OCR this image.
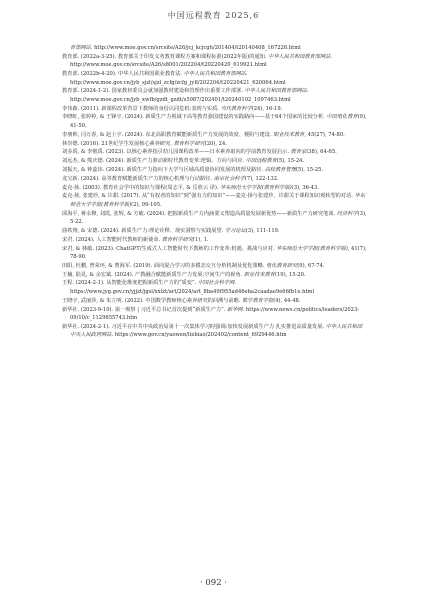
中国远程教育 2025,6

育部网站. http://www.moe.gov.cn/srcsite/A26/jcj_kcjcgh/201404/t20140408_167226.html

教育部. (2022a-3-25). 教育部关于印发义务教育课程方案和课程标准(2022年版)的通知. 中华人民共和国教育部网站. http://www.moe.gov.cn/srcsite/A26/s8001/202204/t20220420_619921.html

教育部. (2022b-4-20). 中华人民共和国职业教育法. 中华人民共和国教育部网站. http://www.moe.gov.cn/jyb_sjzl/sjzl_zcfg/zcfg_jyfl/202204/t20220421_620064.html

教育部. (2024-1-2). 国家教材委员会就加强教材建设和管理作出重要工作部署. 中华人民共和国教育部网站. http://www.moe.gov.cn/jyb_xwfb/gzdt_gzdt/s5987/202401/t20240102_1097463.html

李伟森. (2011). 新课程改革背景下教师的身份认同危机:表现与实质. 当代教育科学(24), 16-19.

李晓虹, 张婷婷, & 王锋宇. (2024). 新质生产力视域下高等教育强国建设的实践路向——基于64个国家的比较分析. 中国电化教育(9), 41-50.

李朋帅, 闫万春, & 赵上宇. (2024). 东北高职教育赋能新质生产力发展的效度、梗阻与建设. 职业技术教育, 45(27), 74-80.

林崇德. (2016). 21世纪学生发展核心素养研究. 教育科学研究(20), 24.

刘多禹, & 李勉禹. (2023). 以核心素养指引幼儿园课程改革——日本素养取向的学前教育发展启示. 教育家(38), 64-65.

刘远杰, & 熊庆德. (2024). 新质生产力驱动新时代教育变革:逻辑、方向与回应. 中国远程教育(5), 15-24.

刘振天, & 钟蕊玮. (2024). 新质生产力指向下大学与区域高质量协同发展的机理及路径. 高校教育管理(5), 15-25.

龙宝新. (2024). 高等教育赋能新质生产力的核心机理与行动路径. 南京社会科学(7), 122-132.

麦克·扬. (2003). 教育社会学中的知识与课程(周志平, & 岳欣云 译). 华东师范大学学报(教育科学版)(3), 36-43.

麦克·扬, 张建珍, & 许甜. (2017). 从“有权者的知识”到“强有力的知识”——麦克·扬与张建珍、许甜关于课程知识观转型的对话. 华东师范大学学报(教育科学版)(2), 99-105.

邱海平, 蒋永穆, 刘霞, 张辉, & 方敏. (2024). 把握新质生产力内涵要义塑造高质量发展新优势——新质生产力研究笔谈. 经济科学(3), 5-22.

曲铁翔, & 宋德. (2024). 新质生产力:理论诠释、现实洞察与实践展望. 学习论坛(3), 111-119.

宋君. (2024). 人工智能时代教师的新使命. 教育科学研究(1), 1.

宋君, & 林敏. (2023). ChatGPT/生成式人工智能时代下教师的工作变革:机遇、挑战与应对. 华东师范大学学报(教育科学版), 41(7), 78-90.

田阳, 杜鹏, 曾荣环, & 曹海军. (2019). 面向混合学习的多模态交互分析机制及优化策略. 电化教育研究(9), 67-74.

王楠, 陆晃, & 余宏斌. (2024). 产教融合赋能新质生产力发展:空间生产的视角. 职业技术教育(19), 15-20.

王程. (2024-2-1). 从智能化维度把握新质生产力的“质变”. 中国社会科学网. https://www.jyg.gov.cn/yjjzt/jgsl/xxlzt/art/2024/art_8ba49f955ad46eba2caadae9e66fb1e.html

王晓宇, 武丽莎, & 朱立明. (2022). 中国数学教师核心素养研究的回溯与前瞻. 数学教育学报(4), 44-48.

新华社. (2023-9-10). 第一观察 | 习近平总书记首次提到“新质生产力”. 新华网. https://www.news.cn/politics/leaders/2023-09/10/c_1129855743.htm

新华社. (2024-2-1). 习近平在中共中央政治局第十一次集体学习时强调:加快发展新质生产力 扎实推进高质量发展. 中华人民共和国中央人民政府网站. https://www.gov.cn/yaowen/liebiao/202402/content_6929446.htm

· 092 ·
